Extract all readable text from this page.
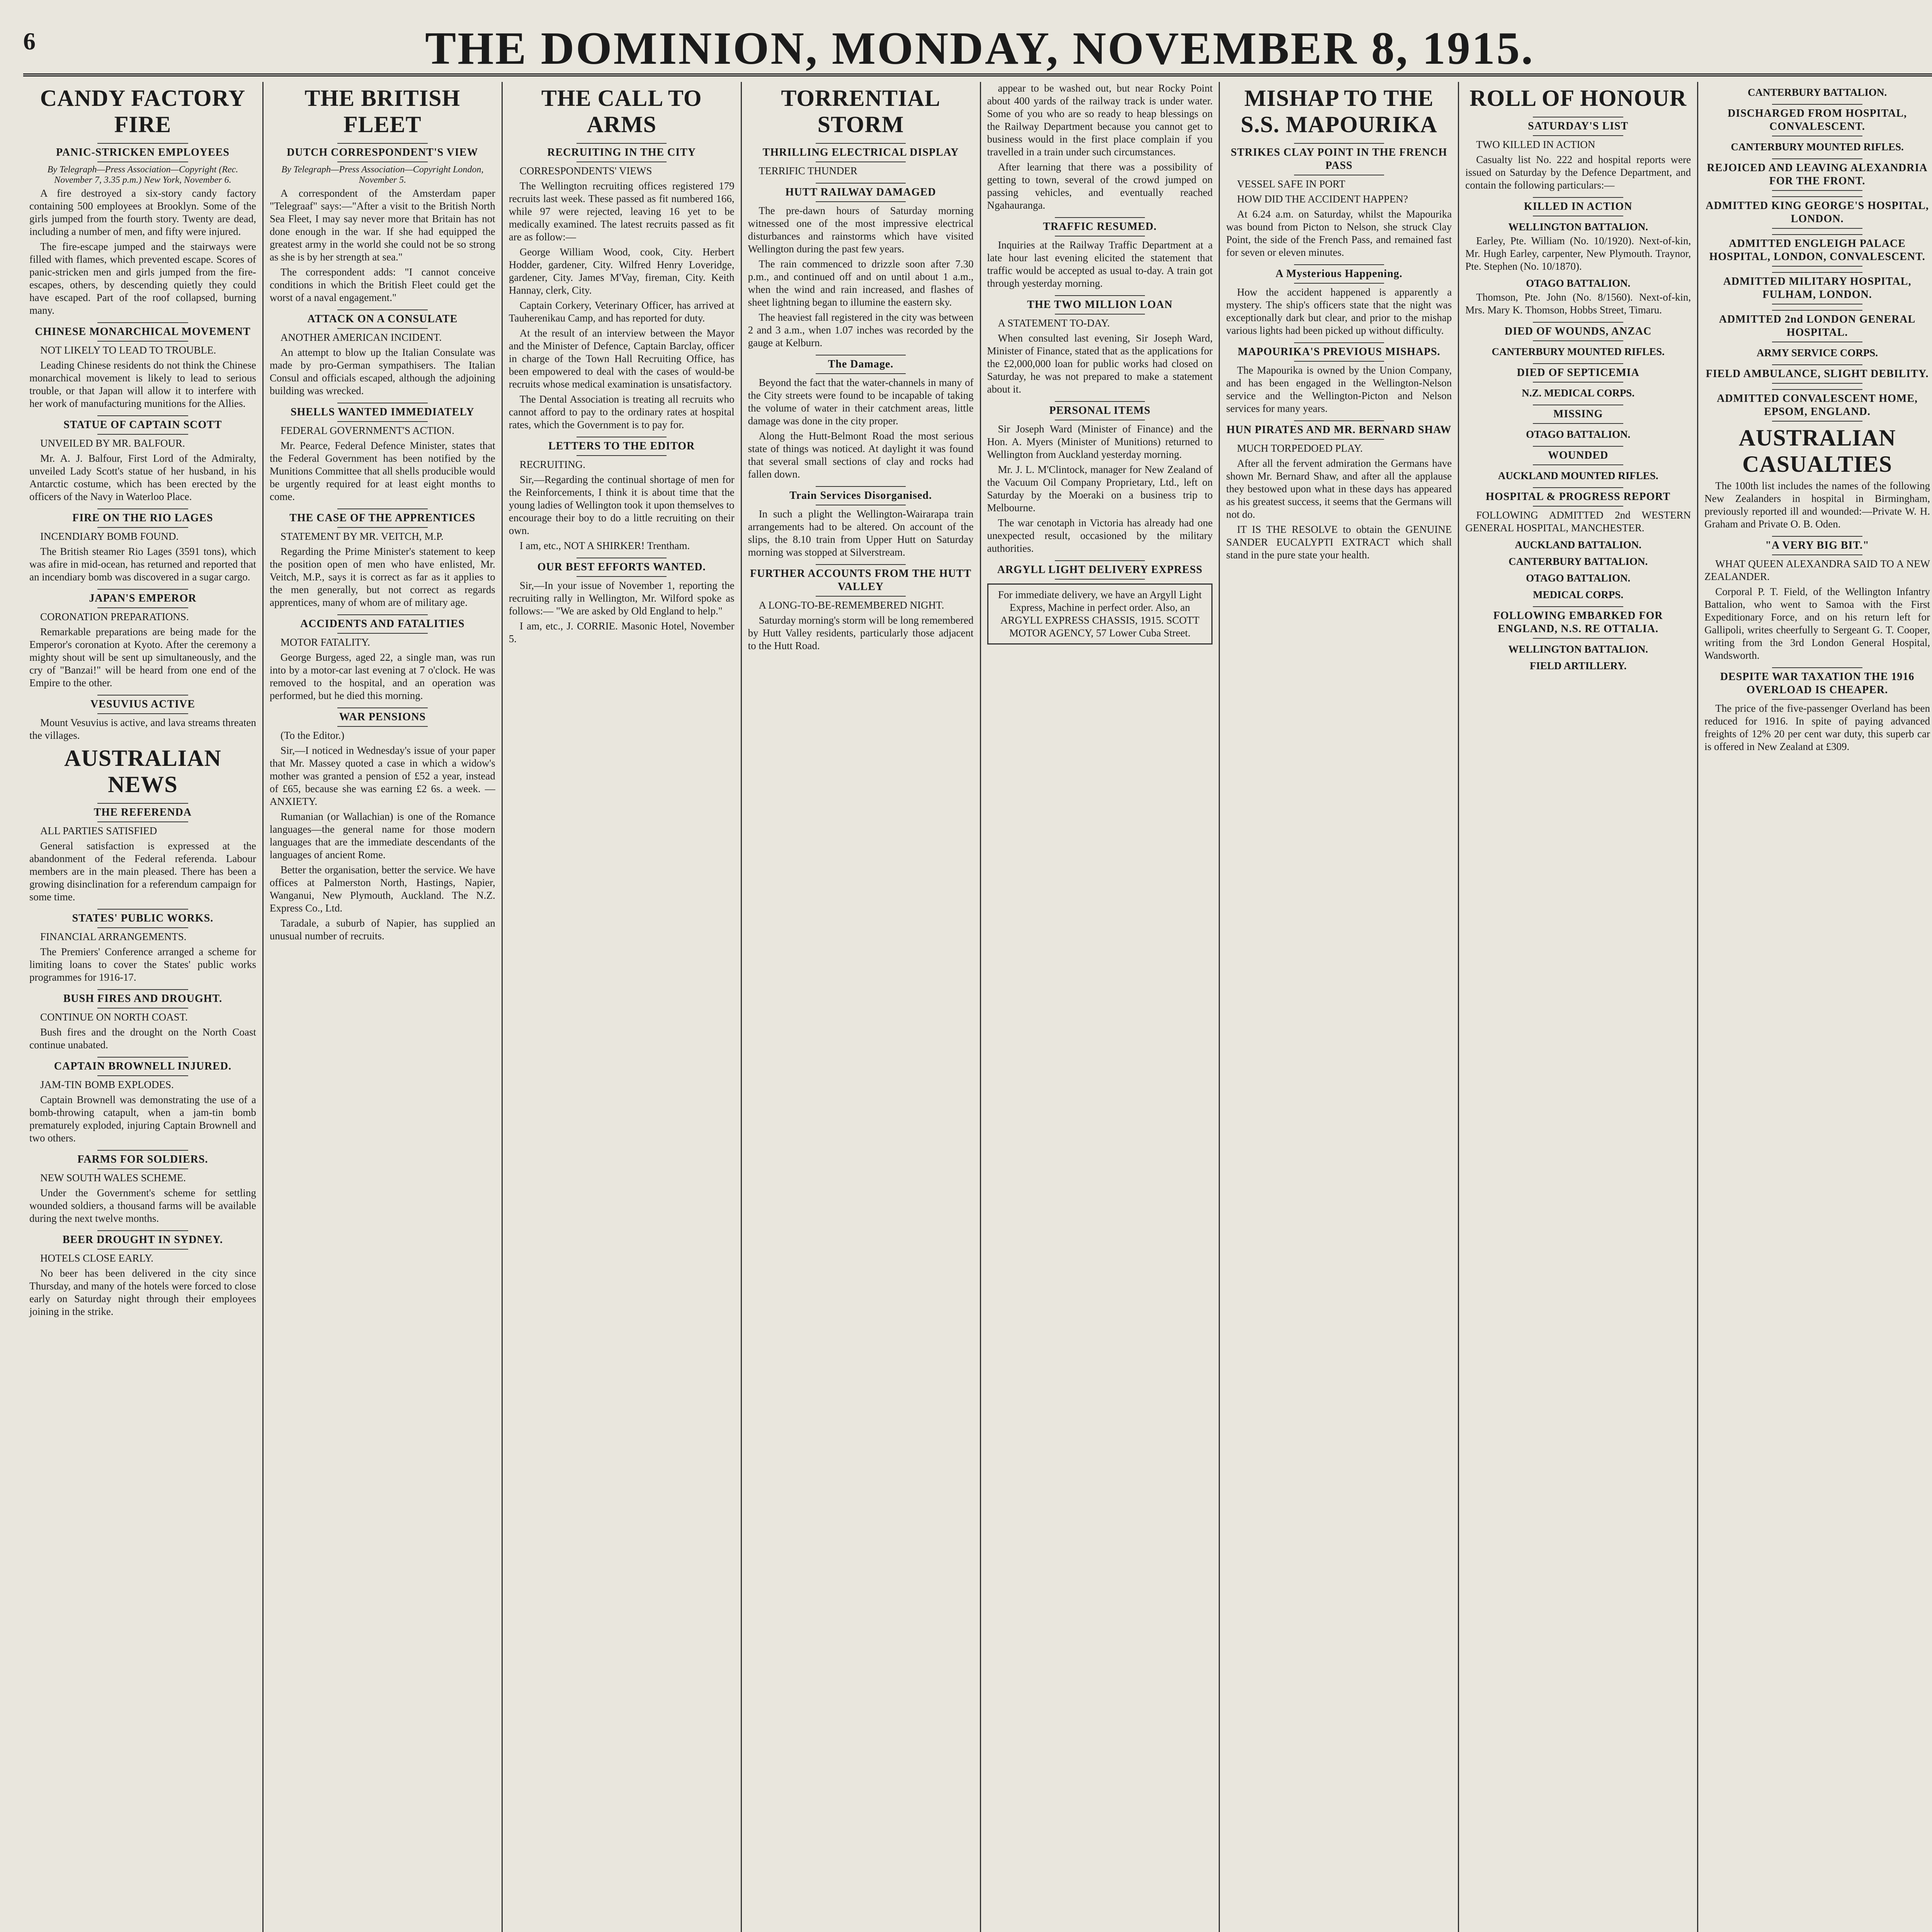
6	THE DOMINION, MONDAY, NOVEMBER 8, 1915.
CANDY FACTORY FIRE
PANIC-STRICKEN EMPLOYEES
By Telegraph—Press Association—Copyright (Rec. November 7, 3.35 p.m.) New York, November 6.

A fire destroyed a six-story candy factory containing 500 employees at Brooklyn. Some of the girls jumped from the fourth story. Twenty are dead, including a number of men, and fifty were injured.

The fire-escape jumped and the stairways were filled with flames, which prevented escape. Scores of panic-stricken men and girls jumped from the fire-escapes, others, by descending quietly they could have escaped. Part of the roof collapsed, burning many.

CHINESE MONARCHICAL MOVEMENT

NOT LIKELY TO LEAD TO TROUBLE.

Leading Chinese residents do not think the Chinese monarchical movement is likely to lead to serious trouble, or that Japan will allow it to interfere with her work of manufacturing munitions for the Allies.

STATUE OF CAPTAIN SCOTT

UNVEILED BY MR. BALFOUR.

Mr. A. J. Balfour, First Lord of the Admiralty, unveiled Lady Scott's statue of her husband, in his Antarctic costume, which has been erected by the officers of the Navy in Waterloo Place.

FIRE ON THE RIO LAGES

INCENDIARY BOMB FOUND.

The British steamer Rio Lages (3591 tons), which was afire in mid-ocean, has returned and reported that an incendiary bomb was discovered in a sugar cargo.

JAPAN'S EMPEROR

CORONATION PREPARATIONS.

Remarkable preparations are being made for the Emperor's coronation at Kyoto. After the ceremony a mighty shout will be sent up simultaneously, and the cry of "Banzai!" will be heard from one end of the Empire to the other.

VESUVIUS ACTIVE

Mount Vesuvius is active, and lava streams threaten the villages.

AUSTRALIAN NEWS
THE REFERENDA

ALL PARTIES SATISFIED

General satisfaction is expressed at the abandonment of the Federal referenda. Labour members are in the main pleased. There has been a growing disinclination for a referendum campaign for some time.

STATES' PUBLIC WORKS.

FINANCIAL ARRANGEMENTS.

The Premiers' Conference arranged a scheme for limiting loans to cover the States' public works programmes for 1916-17.

BUSH FIRES AND DROUGHT.

CONTINUE ON NORTH COAST.

Bush fires and the drought on the North Coast continue unabated.

CAPTAIN BROWNELL INJURED.

JAM-TIN BOMB EXPLODES.

Captain Brownell was demonstrating the use of a bomb-throwing catapult, when a jam-tin bomb prematurely exploded, injuring Captain Brownell and two others.

FARMS FOR SOLDIERS.

NEW SOUTH WALES SCHEME.

Under the Government's scheme for settling wounded soldiers, a thousand farms will be available during the next twelve months.

BEER DROUGHT IN SYDNEY.

HOTELS CLOSE EARLY.

No beer has been delivered in the city since Thursday, and many of the hotels were forced to close early on Saturday night through their employees joining in the strike.

THE BRITISH FLEET
DUTCH CORRESPONDENT'S VIEW
By Telegraph—Press Association—Copyright London, November 5.

A correspondent of the Amsterdam paper "Telegraaf" says:—"After a visit to the British North Sea Fleet, I may say never more that Britain has not done enough in the war. If she had equipped the greatest army in the world she could not be so strong as she is by her strength at sea."

The correspondent adds: "I cannot conceive conditions in which the British Fleet could get the worst of a naval engagement."

ATTACK ON A CONSULATE

ANOTHER AMERICAN INCIDENT.

An attempt to blow up the Italian Consulate was made by pro-German sympathisers. The Italian Consul and officials escaped, although the adjoining building was wrecked.

SHELLS WANTED IMMEDIATELY

FEDERAL GOVERNMENT'S ACTION.

Mr. Pearce, Federal Defence Minister, states that the Federal Government has been notified by the Munitions Committee that all shells producible would be urgently required for at least eight months to come.

THE CASE OF THE APPRENTICES

STATEMENT BY MR. VEITCH, M.P.

Regarding the Prime Minister's statement to keep the position open of men who have enlisted, Mr. Veitch, M.P., says it is correct as far as it applies to the men generally, but not correct as regards apprentices, many of whom are of military age.

ACCIDENTS AND FATALITIES

MOTOR FATALITY.

George Burgess, aged 22, a single man, was run into by a motor-car last evening at 7 o'clock. He was removed to the hospital, and an operation was performed, but he died this morning.

WAR PENSIONS

(To the Editor.)

Sir,—I noticed in Wednesday's issue of your paper that Mr. Massey quoted a case in which a widow's mother was granted a pension of £52 a year, instead of £65, because she was earning £2 6s. a week. — ANXIETY.

Rumanian (or Wallachian) is one of the Romance languages—the general name for those modern languages that are the immediate descendants of the languages of ancient Rome.

Better the organisation, better the service. We have offices at Palmerston North, Hastings, Napier, Wanganui, New Plymouth, Auckland. The N.Z. Express Co., Ltd.

Taradale, a suburb of Napier, has supplied an unusual number of recruits.

THE CALL TO ARMS
RECRUITING IN THE CITY

CORRESPONDENTS' VIEWS

The Wellington recruiting offices registered 179 recruits last week. These passed as fit numbered 166, while 97 were rejected, leaving 16 yet to be medically examined. The latest recruits passed as fit are as follow:—

George William Wood, cook, City. Herbert Hodder, gardener, City. Wilfred Henry Loveridge, gardener, City. James M'Vay, fireman, City. Keith Hannay, clerk, City.

Captain Corkery, Veterinary Officer, has arrived at Tauherenikau Camp, and has reported for duty.

At the result of an interview between the Mayor and the Minister of Defence, Captain Barclay, officer in charge of the Town Hall Recruiting Office, has been empowered to deal with the cases of would-be recruits whose medical examination is unsatisfactory.

The Dental Association is treating all recruits who cannot afford to pay to the ordinary rates at hospital rates, which the Government is to pay for.

LETTERS TO THE EDITOR

RECRUITING.

Sir,—Regarding the continual shortage of men for the Reinforcements, I think it is about time that the young ladies of Wellington took it upon themselves to encourage their boy to do a little recruiting on their own.

I am, etc., NOT A SHIRKER! Trentham.

OUR BEST EFFORTS WANTED.

Sir,—In your issue of November 1, reporting the recruiting rally in Wellington, Mr. Wilford spoke as follows:— "We are asked by Old England to help."

I am, etc., J. CORRIE. Masonic Hotel, November 5.

TORRENTIAL STORM
THRILLING ELECTRICAL DISPLAY

TERRIFIC THUNDER

HUTT RAILWAY DAMAGED

The pre-dawn hours of Saturday morning witnessed one of the most impressive electrical disturbances and rainstorms which have visited Wellington during the past few years.

The rain commenced to drizzle soon after 7.30 p.m., and continued off and on until about 1 a.m., when the wind and rain increased, and flashes of sheet lightning began to illumine the eastern sky.

The heaviest fall registered in the city was between 2 and 3 a.m., when 1.07 inches was recorded by the gauge at Kelburn.

The Damage.

Beyond the fact that the water-channels in many of the City streets were found to be incapable of taking the volume of water in their catchment areas, little damage was done in the city proper.

Along the Hutt-Belmont Road the most serious state of things was noticed. At daylight it was found that several small sections of clay and rocks had fallen down.

Train Services Disorganised.

In such a plight the Wellington-Wairarapa train arrangements had to be altered. On account of the slips, the 8.10 train from Upper Hutt on Saturday morning was stopped at Silverstream.

FURTHER ACCOUNTS FROM THE HUTT VALLEY

A LONG-TO-BE-REMEMBERED NIGHT.

Saturday morning's storm will be long remembered by Hutt Valley residents, particularly those adjacent to the Hutt Road.

appear to be washed out, but near Rocky Point about 400 yards of the railway track is under water. Some of you who are so ready to heap blessings on the Railway Department because you cannot get to business would in the first place complain if you travelled in a train under such circumstances.

After learning that there was a possibility of getting to town, several of the crowd jumped on passing vehicles, and eventually reached Ngahauranga.

TRAFFIC RESUMED.

Inquiries at the Railway Traffic Department at a late hour last evening elicited the statement that traffic would be accepted as usual to-day. A train got through yesterday morning.

THE TWO MILLION LOAN

A STATEMENT TO-DAY.

When consulted last evening, Sir Joseph Ward, Minister of Finance, stated that as the applications for the £2,000,000 loan for public works had closed on Saturday, he was not prepared to make a statement about it.

PERSONAL ITEMS

Sir Joseph Ward (Minister of Finance) and the Hon. A. Myers (Minister of Munitions) returned to Wellington from Auckland yesterday morning.

Mr. J. L. M'Clintock, manager for New Zealand of the Vacuum Oil Company Proprietary, Ltd., left on Saturday by the Moeraki on a business trip to Melbourne.

The war cenotaph in Victoria has already had one unexpected result, occasioned by the military authorities.

ARGYLL LIGHT DELIVERY EXPRESS
For immediate delivery, we have an Argyll Light Express, Machine in perfect order. Also, an ARGYLL EXPRESS CHASSIS, 1915. SCOTT MOTOR AGENCY, 57 Lower Cuba Street.
MISHAP TO THE S.S. MAPOURIKA
STRIKES CLAY POINT IN THE FRENCH PASS

VESSEL SAFE IN PORT

HOW DID THE ACCIDENT HAPPEN?

At 6.24 a.m. on Saturday, whilst the Mapourika was bound from Picton to Nelson, she struck Clay Point, the side of the French Pass, and remained fast for seven or eleven minutes.

A Mysterious Happening.

How the accident happened is apparently a mystery. The ship's officers state that the night was exceptionally dark but clear, and prior to the mishap various lights had been picked up without difficulty.

MAPOURIKA'S PREVIOUS MISHAPS.

The Mapourika is owned by the Union Company, and has been engaged in the Wellington-Nelson service and the Wellington-Picton and Nelson services for many years.

HUN PIRATES AND MR. BERNARD SHAW

MUCH TORPEDOED PLAY.

After all the fervent admiration the Germans have shown Mr. Bernard Shaw, and after all the applause they bestowed upon what in these days has appeared as his greatest success, it seems that the Germans will not do.

IT IS THE RESOLVE to obtain the GENUINE SANDER EUCALYPTI EXTRACT which shall stand in the pure state your health.

ROLL OF HONOUR
SATURDAY'S LIST

TWO KILLED IN ACTION

Casualty list No. 222 and hospital reports were issued on Saturday by the Defence Department, and contain the following particulars:—

KILLED IN ACTION
WELLINGTON BATTALION.

Earley, Pte. William (No. 10/1920). Next-of-kin, Mr. Hugh Earley, carpenter, New Plymouth. Traynor, Pte. Stephen (No. 10/1870).

OTAGO BATTALION.

Thomson, Pte. John (No. 8/1560). Next-of-kin, Mrs. Mary K. Thomson, Hobbs Street, Timaru.

DIED OF WOUNDS, ANZAC
CANTERBURY MOUNTED RIFLES.
DIED OF SEPTICEMIA
N.Z. MEDICAL CORPS.
MISSING
OTAGO BATTALION.
WOUNDED
AUCKLAND MOUNTED RIFLES.
HOSPITAL & PROGRESS REPORT

FOLLOWING ADMITTED 2nd WESTERN GENERAL HOSPITAL, MANCHESTER.

AUCKLAND BATTALION.
CANTERBURY BATTALION.
OTAGO BATTALION.
MEDICAL CORPS.
FOLLOWING EMBARKED FOR ENGLAND, N.S. RE OTTALIA.
WELLINGTON BATTALION.
FIELD ARTILLERY.
CANTERBURY BATTALION.
DISCHARGED FROM HOSPITAL, CONVALESCENT.
CANTERBURY MOUNTED RIFLES.
REJOICED AND LEAVING ALEXANDRIA FOR THE FRONT.
ADMITTED KING GEORGE'S HOSPITAL, LONDON.
ADMITTED ENGLEIGH PALACE HOSPITAL, LONDON, CONVALESCENT.
ADMITTED MILITARY HOSPITAL, FULHAM, LONDON.
ADMITTED 2nd LONDON GENERAL HOSPITAL.
ARMY SERVICE CORPS.
FIELD AMBULANCE, SLIGHT DEBILITY.
ADMITTED CONVALESCENT HOME, EPSOM, ENGLAND.
AUSTRALIAN CASUALTIES

The 100th list includes the names of the following New Zealanders in hospital in Birmingham, previously reported ill and wounded:—Private W. H. Graham and Private O. B. Oden.

"A VERY BIG BIT."

WHAT QUEEN ALEXANDRA SAID TO A NEW ZEALANDER.

Corporal P. T. Field, of the Wellington Infantry Battalion, who went to Samoa with the First Expeditionary Force, and on his return left for Gallipoli, writes cheerfully to Sergeant G. T. Cooper, writing from the 3rd London General Hospital, Wandsworth.

DESPITE WAR TAXATION THE 1916 OVERLOAD IS CHEAPER.

The price of the five-passenger Overland has been reduced for 1916. In spite of paying advanced freights of 12% 20 per cent war duty, this superb car is offered in New Zealand at £309.
